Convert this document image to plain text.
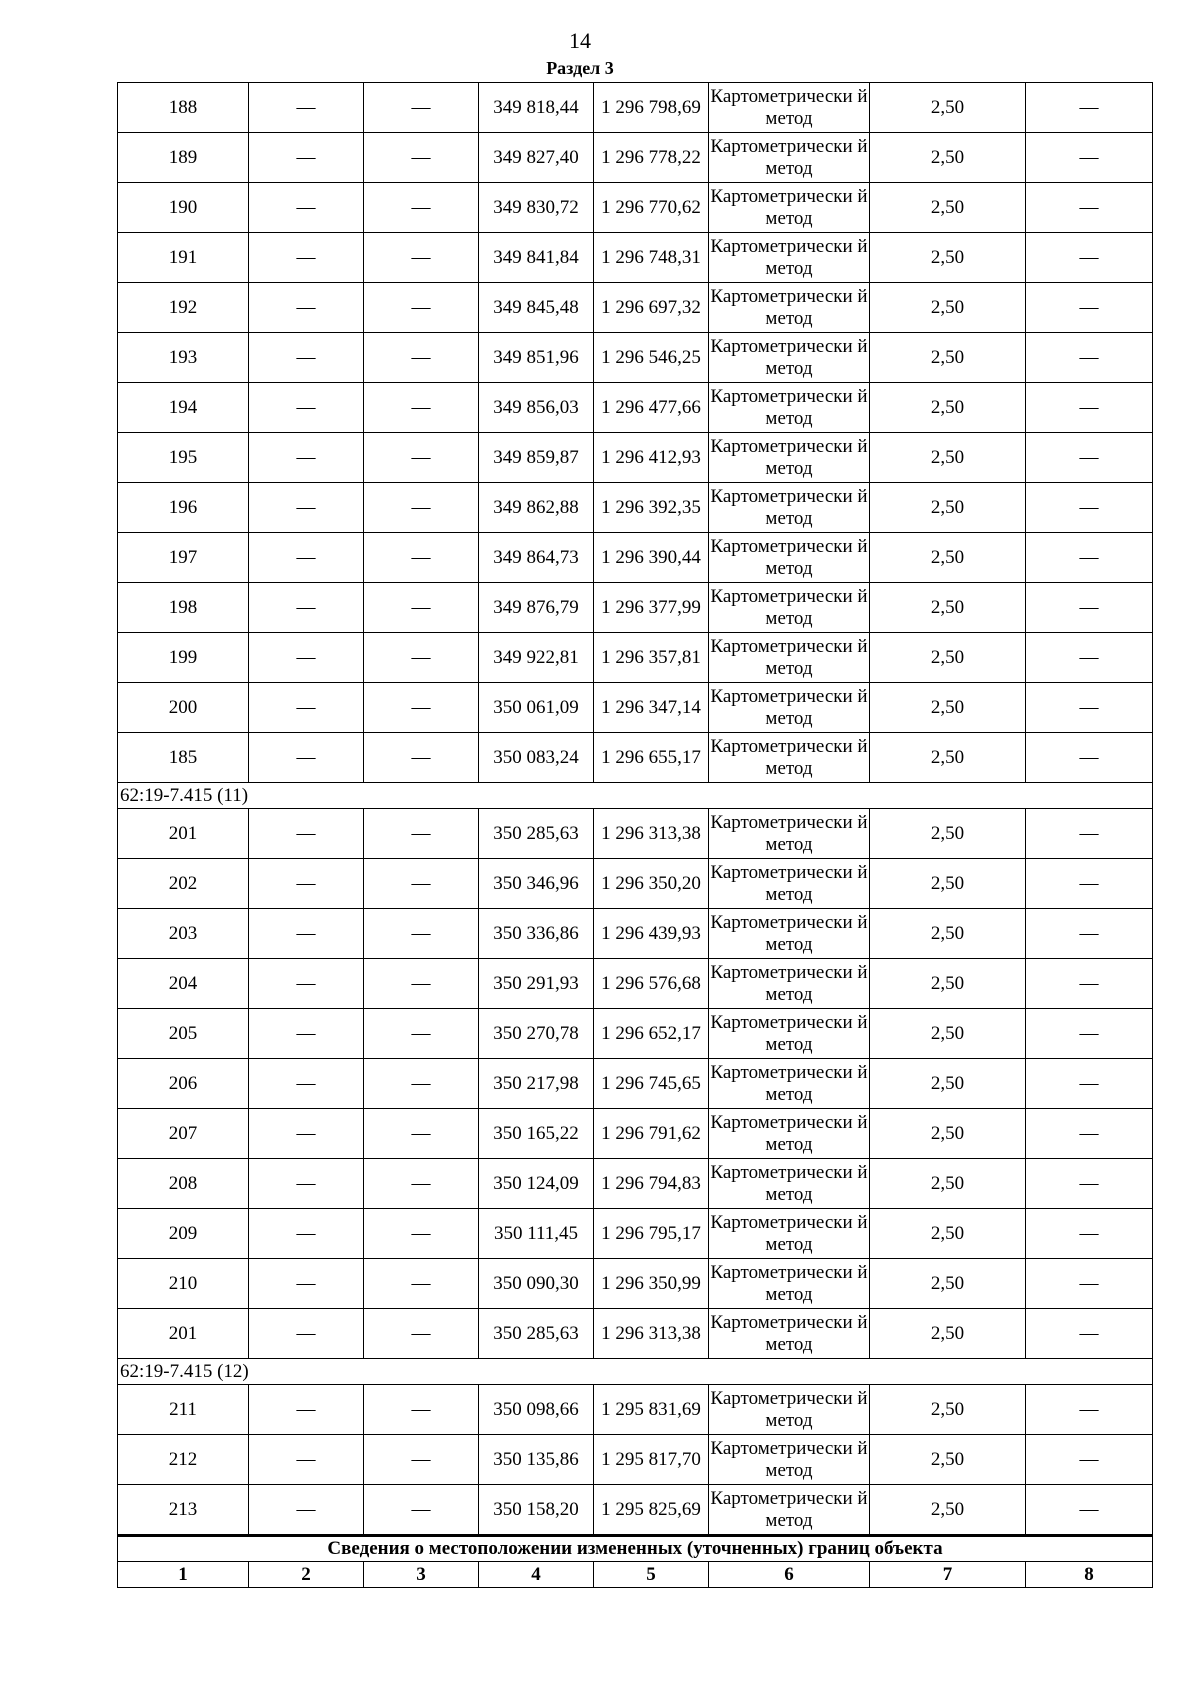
14
Раздел 3
188	—	—	349 818,44	1 296 798,69	Картометрически й метод	2,50	—
189	—	—	349 827,40	1 296 778,22	Картометрически й метод	2,50	—
190	—	—	349 830,72	1 296 770,62	Картометрически й метод	2,50	—
191	—	—	349 841,84	1 296 748,31	Картометрически й метод	2,50	—
192	—	—	349 845,48	1 296 697,32	Картометрически й метод	2,50	—
193	—	—	349 851,96	1 296 546,25	Картометрически й метод	2,50	—
194	—	—	349 856,03	1 296 477,66	Картометрически й метод	2,50	—
195	—	—	349 859,87	1 296 412,93	Картометрически й метод	2,50	—
196	—	—	349 862,88	1 296 392,35	Картометрически й метод	2,50	—
197	—	—	349 864,73	1 296 390,44	Картометрически й метод	2,50	—
198	—	—	349 876,79	1 296 377,99	Картометрически й метод	2,50	—
199	—	—	349 922,81	1 296 357,81	Картометрически й метод	2,50	—
200	—	—	350 061,09	1 296 347,14	Картометрически й метод	2,50	—
185	—	—	350 083,24	1 296 655,17	Картометрически й метод	2,50	—
62:19-7.415 (11)							
201	—	—	350 285,63	1 296 313,38	Картометрически й метод	2,50	—
202	—	—	350 346,96	1 296 350,20	Картометрически й метод	2,50	—
203	—	—	350 336,86	1 296 439,93	Картометрически й метод	2,50	—
204	—	—	350 291,93	1 296 576,68	Картометрически й метод	2,50	—
205	—	—	350 270,78	1 296 652,17	Картометрически й метод	2,50	—
206	—	—	350 217,98	1 296 745,65	Картометрически й метод	2,50	—
207	—	—	350 165,22	1 296 791,62	Картометрически й метод	2,50	—
208	—	—	350 124,09	1 296 794,83	Картометрически й метод	2,50	—
209	—	—	350 111,45	1 296 795,17	Картометрически й метод	2,50	—
210	—	—	350 090,30	1 296 350,99	Картометрически й метод	2,50	—
201	—	—	350 285,63	1 296 313,38	Картометрически й метод	2,50	—
62:19-7.415 (12)							
211	—	—	350 098,66	1 295 831,69	Картометрически й метод	2,50	—
212	—	—	350 135,86	1 295 817,70	Картометрически й метод	2,50	—
213	—	—	350 158,20	1 295 825,69	Картометрически й метод	2,50	—
Сведения о местоположении измененных (уточненных) границ объекта							
1	2	3	4	5	6	7	8
